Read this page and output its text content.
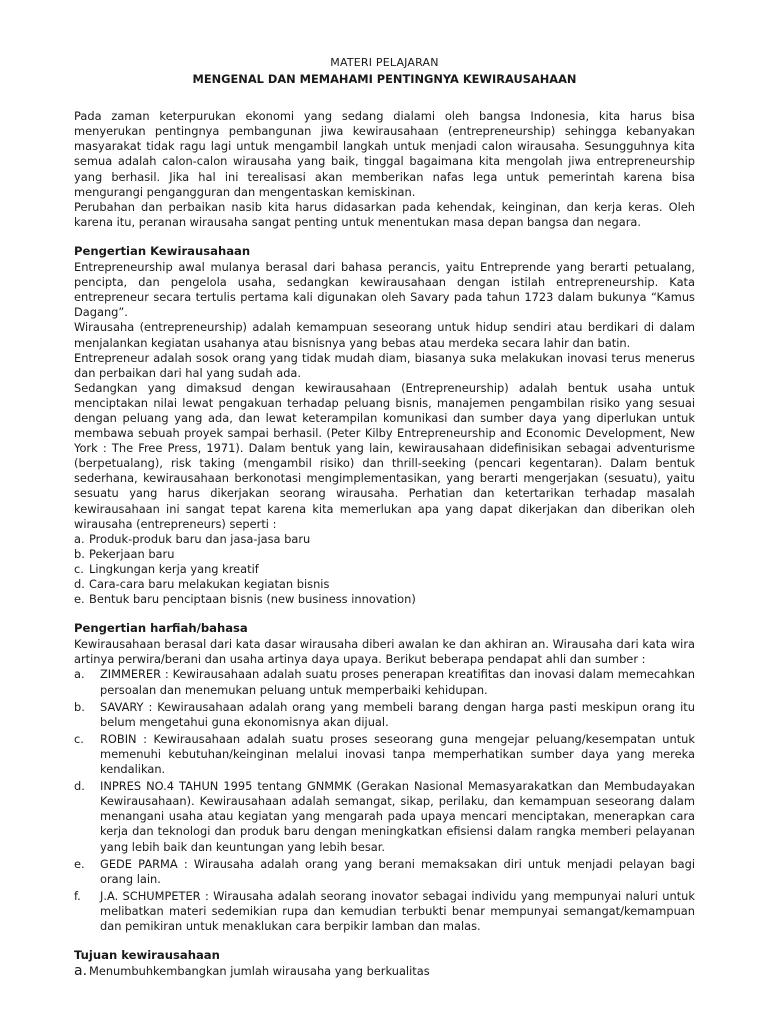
MATERI PELAJARAN
MENGENAL DAN MEMAHAMI PENTINGNYA KEWIRAUSAHAAN

Pada zaman keterpurukan ekonomi yang sedang dialami oleh bangsa Indonesia, kita harus bisa menyerukan pentingnya pembangunan jiwa kewirausahaan (entrepreneurship) sehingga kebanyakan masyarakat tidak ragu lagi untuk mengambil langkah untuk menjadi calon wirausaha. Sesungguhnya kita semua adalah calon-calon wirausaha yang baik, tinggal bagaimana kita mengolah jiwa entrepreneurship yang berhasil. Jika hal ini terealisasi akan memberikan nafas lega untuk pemerintah karena bisa mengurangi pengangguran dan mengentaskan kemiskinan.

Perubahan dan perbaikan nasib kita harus didasarkan pada kehendak, keinginan, dan kerja keras. Oleh karena itu, peranan wirausaha sangat penting untuk menentukan masa depan bangsa dan negara.

Pengertian Kewirausahaan

Entrepreneurship awal mulanya berasal dari bahasa perancis, yaitu Entreprende yang berarti petualang, pencipta, dan pengelola usaha, sedangkan kewirausahaan dengan istilah entrepreneurship. Kata entrepreneur secara tertulis pertama kali digunakan oleh Savary pada tahun 1723 dalam bukunya “Kamus Dagang”.

Wirausaha (entrepreneurship) adalah kemampuan seseorang untuk hidup sendiri atau berdikari di dalam menjalankan kegiatan usahanya atau bisnisnya yang bebas atau merdeka secara lahir dan batin.

Entrepreneur adalah sosok orang yang tidak mudah diam, biasanya suka melakukan inovasi terus menerus dan perbaikan dari hal yang sudah ada.

Sedangkan yang dimaksud dengan kewirausahaan (Entrepreneurship) adalah bentuk usaha untuk menciptakan nilai lewat pengakuan terhadap peluang bisnis, manajemen pengambilan risiko yang sesuai dengan peluang yang ada, dan lewat keterampilan komunikasi dan sumber daya yang diperlukan untuk membawa sebuah proyek sampai berhasil. (Peter Kilby Entrepreneurship and Economic Development, New York : The Free Press, 1971). Dalam bentuk yang lain, kewirausahaan didefinisikan sebagai adventurisme (berpetualang), risk taking (mengambil risiko) dan thrill-seeking (pencari kegentaran). Dalam bentuk sederhana, kewirausahaan berkonotasi mengimplementasikan, yang berarti mengerjakan (sesuatu), yaitu sesuatu yang harus dikerjakan seorang wirausaha. Perhatian dan ketertarikan terhadap masalah kewirausahaan ini sangat tepat karena kita memerlukan apa yang dapat dikerjakan dan diberikan oleh wirausaha (entrepreneurs) seperti :

a. Produk-produk baru dan jasa-jasa baru
b. Pekerjaan baru
c. Lingkungan kerja yang kreatif
d. Cara-cara baru melakukan kegiatan bisnis
e. Bentuk baru penciptaan bisnis (new business innovation)
Pengertian harfiah/bahasa

Kewirausahaan berasal dari kata dasar wirausaha diberi awalan ke dan akhiran an. Wirausaha dari kata wira artinya perwira/berani dan usaha artinya daya upaya. Berikut beberapa pendapat ahli dan sumber :

a.	ZIMMERER : Kewirausahaan adalah suatu proses penerapan kreatifitas dan inovasi dalam memecahkan persoalan dan menemukan peluang untuk memperbaiki kehidupan.
b.	SAVARY : Kewirausahaan adalah orang yang membeli barang dengan harga pasti meskipun orang itu belum mengetahui guna ekonomisnya akan dijual.
c.	ROBIN : Kewirausahaan adalah suatu proses seseorang guna mengejar peluang/kesempatan untuk memenuhi kebutuhan/keinginan melalui inovasi tanpa memperhatikan sumber daya yang mereka kendalikan.
d.	INPRES NO.4 TAHUN 1995 tentang GNMMK (Gerakan Nasional Memasyarakatkan dan Membudayakan Kewirausahaan). Kewirausahaan adalah semangat, sikap, perilaku, dan kemampuan seseorang dalam menangani usaha atau kegiatan yang mengarah pada upaya mencari menciptakan, menerapkan cara kerja dan teknologi dan produk baru dengan meningkatkan efisiensi dalam rangka memberi pelayanan yang lebih baik dan keuntungan yang lebih besar.
e.	GEDE PARMA : Wirausaha adalah orang yang berani memaksakan diri untuk menjadi pelayan bagi orang lain.
f.	J.A. SCHUMPETER : Wirausaha adalah seorang inovator sebagai individu yang mempunyai naluri untuk melibatkan materi sedemikian rupa dan kemudian terbukti benar mempunyai semangat/kemampuan dan pemikiran untuk menaklukan cara berpikir lamban dan malas.
Tujuan kewirausahaan
a. Menumbuhkembangkan jumlah wirausaha yang berkualitas
